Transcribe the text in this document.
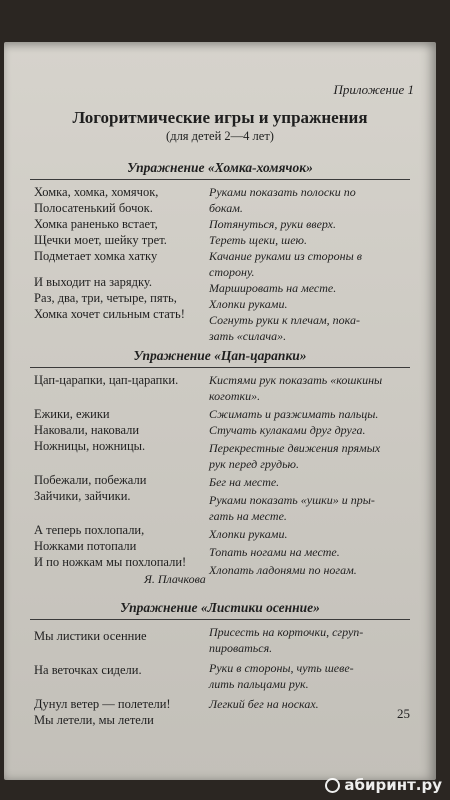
Приложение 1
Логоритмические игры и упражнения
(для детей 2—4 лет)
Упражнение «Хомка-хомячок»
Хомка, хомка, хомячок,
Полосатенький бочок.
Хомка раненько встает,
Щечки моет, шейку трет.
Подметает хомка хатку
И выходит на зарядку.
Раз, два, три, четыре, пять,
Хомка хочет сильным стать!
Руками показать полоски по
бокам.
Потянуться, руки вверх.
Тереть щеки, шею.
Качание руками из стороны в
сторону.
Маршировать на месте.
Хлопки руками.
Согнуть руки к плечам, пока-
зать «силача».
Упражнение «Цап-царапки»
Цап-царапки, цап-царапки.
Ежики, ежики
Наковали, наковали
Ножницы, ножницы.
Побежали, побежали
Зайчики, зайчики.
А теперь похлопали,
Ножками потопали
И по ножкам мы похлопали!
Кистями рук показать «кошкины
коготки».
Сжимать и разжимать пальцы.
Стучать кулаками друг друга.
Перекрестные движения прямых
рук перед грудью.
Бег на месте.
Руками показать «ушки» и пры-
гать на месте.
Хлопки руками.
Топать ногами на месте.
Хлопать ладонями по ногам.
Я. Плачкова
Упражнение «Листики осенние»
Мы листики осенние
На веточках сидели.
Дунул ветер — полетели!
Мы летели, мы летели
Присесть на корточки, сгруп-
пироваться.
Руки в стороны, чуть шеве-
лить пальцами рук.
Легкий бег на носках.
25
абиринт.ру
